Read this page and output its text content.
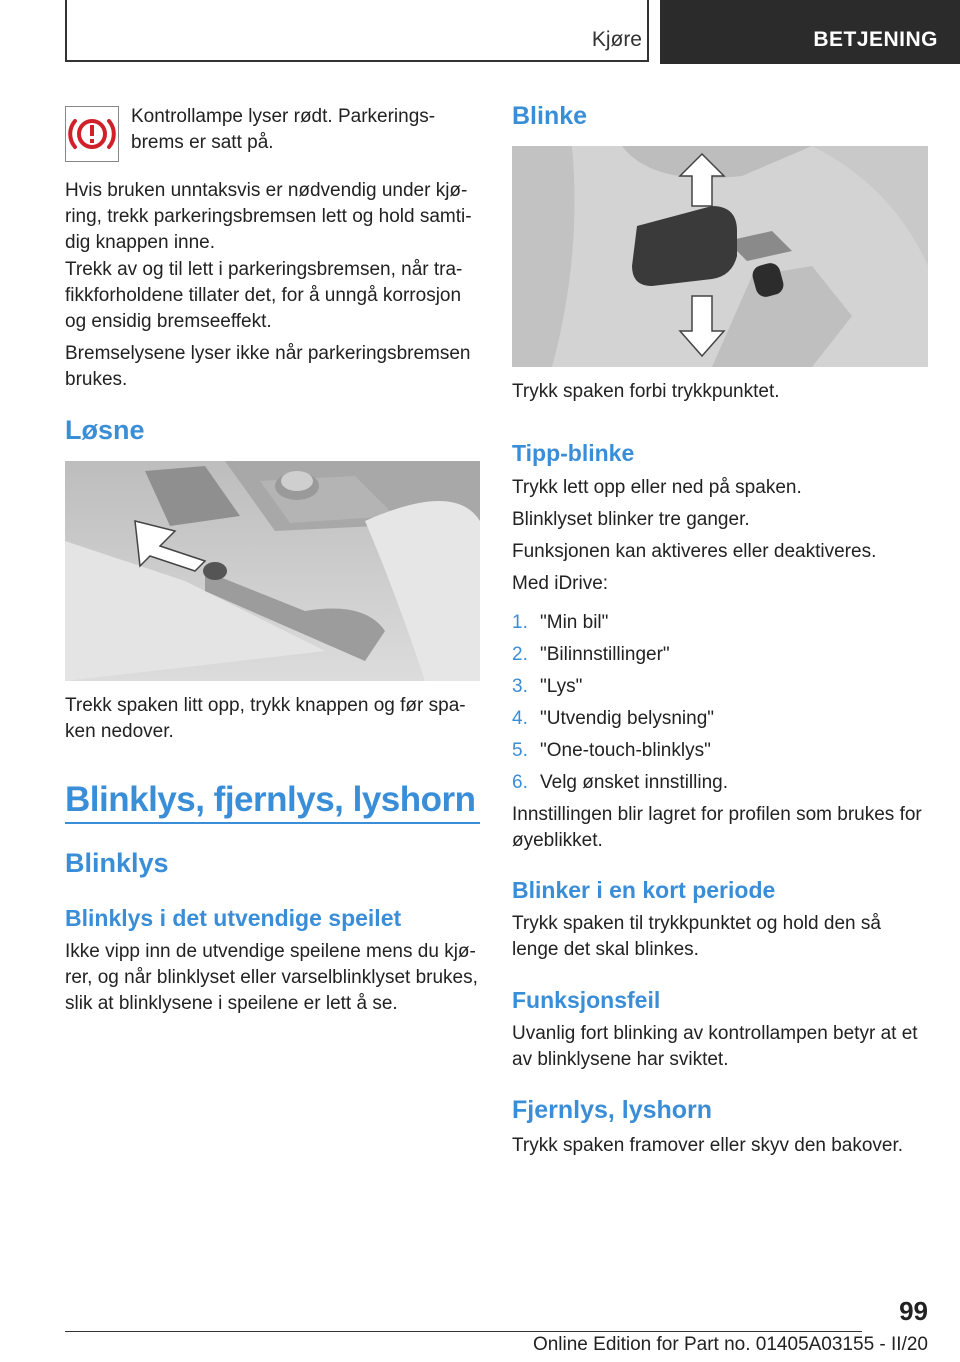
Kjøre	BETJENING

Kontrollampe lyser rødt. Parkerings‐brems er satt på.

Hvis bruken unntaksvis er nødvendig under kjø‐ring, trekk parkeringsbremsen lett og hold samti‐dig knappen inne.

Trekk av og til lett i parkeringsbremsen, når tra‐fikkforholdene tillater det, for å unngå korrosjon og ensidig bremseeffekt.

Bremselysene lyser ikke når parkeringsbremsen brukes.

Løsne

Trekk spaken litt opp, trykk knappen og før spa‐ken nedover.

Blinklys, fjernlys, lyshorn
Blinklys
Blinklys i det utvendige speilet

Ikke vipp inn de utvendige speilene mens du kjø‐rer, og når blinklyset eller varselblinklyset brukes, slik at blinklysene i speilene er lett å se.

Blinke

Trykk spaken forbi trykkpunktet.

Tipp-blinke

Trykk lett opp eller ned på spaken.

Blinklyset blinker tre ganger.

Funksjonen kan aktiveres eller deaktiveres.

Med iDrive:

1. "Min bil"
2. "Bilinnstillinger"
3. "Lys"
4. "Utvendig belysning"
5. "One-touch-blinklys"
6. Velg ønsket innstilling.

Innstillingen blir lagret for profilen som brukes for øyeblikket.

Blinker i en kort periode

Trykk spaken til trykkpunktet og hold den så lenge det skal blinkes.

Funksjonsfeil

Uvanlig fort blinking av kontrollampen betyr at et av blinklysene har sviktet.

Fjernlys, lyshorn

Trykk spaken framover eller skyv den bakover.

99
Online Edition for Part no. 01405A03155 - II/20
